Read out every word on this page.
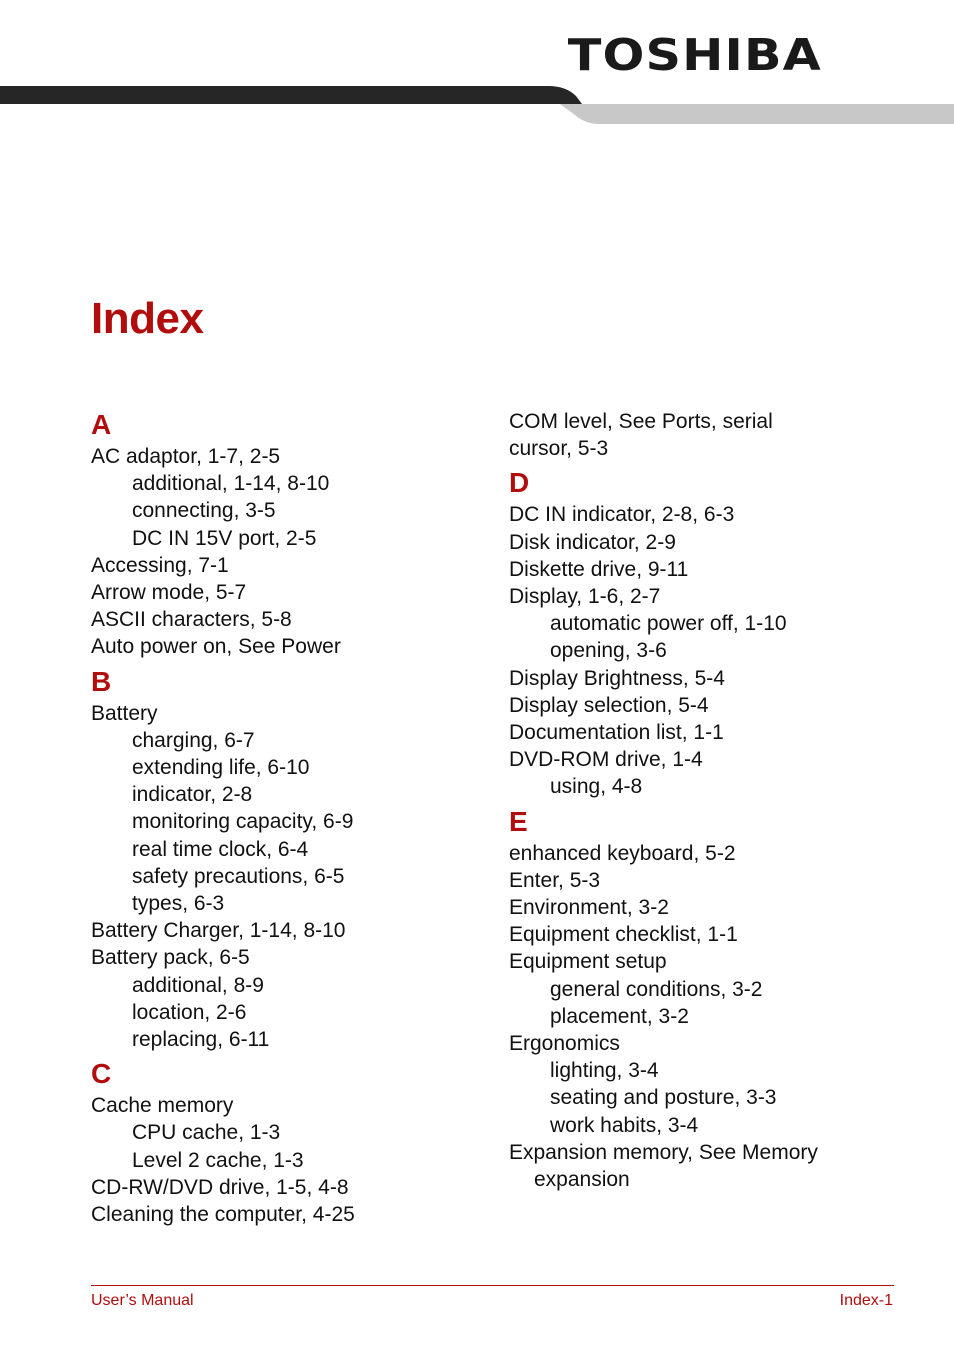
TOSHIBA
Index
A
AC adaptor, 1-7, 2-5
additional, 1-14, 8-10
connecting, 3-5
DC IN 15V port, 2-5
Accessing, 7-1
Arrow mode, 5-7
ASCII characters, 5-8
Auto power on, See Power
B
Battery
charging, 6-7
extending life, 6-10
indicator, 2-8
monitoring capacity, 6-9
real time clock, 6-4
safety precautions, 6-5
types, 6-3
Battery Charger, 1-14, 8-10
Battery pack, 6-5
additional, 8-9
location, 2-6
replacing, 6-11
C
Cache memory
CPU cache, 1-3
Level 2 cache, 1-3
CD-RW/DVD drive, 1-5, 4-8
Cleaning the computer, 4-25
COM level, See Ports, serial
cursor, 5-3
D
DC IN indicator, 2-8, 6-3
Disk indicator, 2-9
Diskette drive, 9-11
Display, 1-6, 2-7
automatic power off, 1-10
opening, 3-6
Display Brightness, 5-4
Display selection, 5-4
Documentation list, 1-1
DVD-ROM drive, 1-4
using, 4-8
E
enhanced keyboard, 5-2
Enter, 5-3
Environment, 3-2
Equipment checklist, 1-1
Equipment setup
general conditions, 3-2
placement, 3-2
Ergonomics
lighting, 3-4
seating and posture, 3-3
work habits, 3-4
Expansion memory, See Memory
expansion
User’s Manual	Index-1
